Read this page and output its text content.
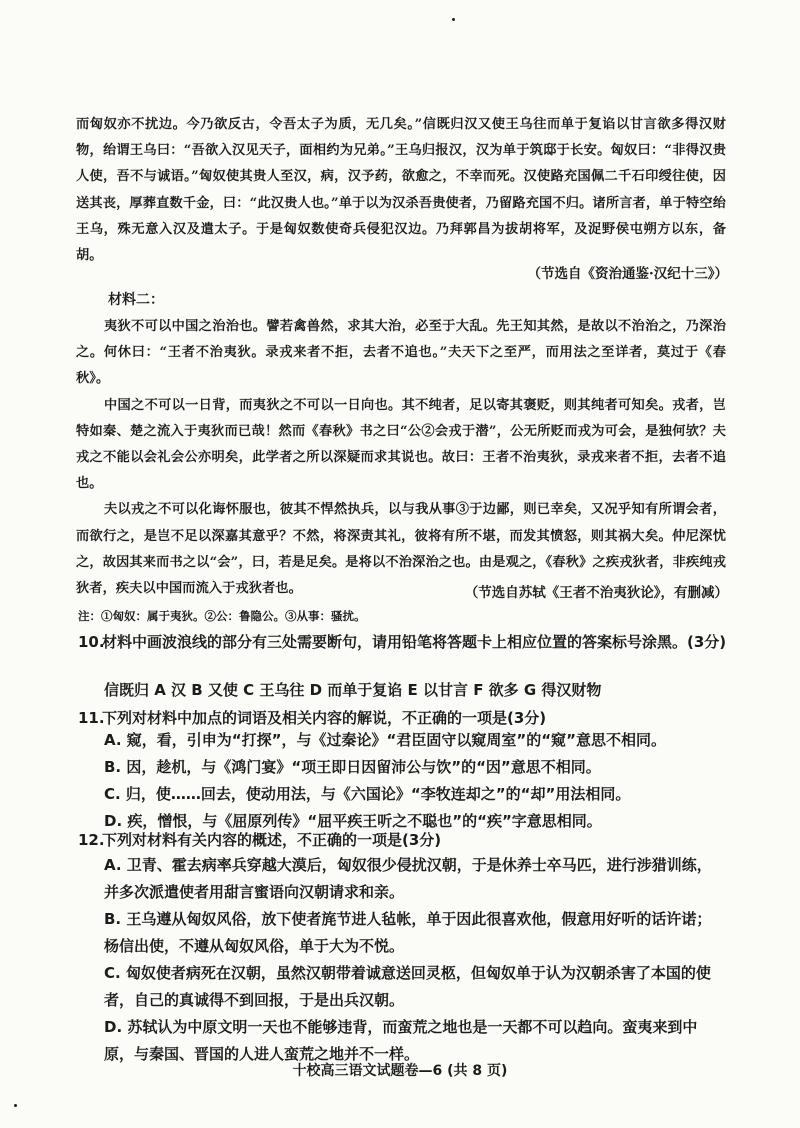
而匈奴亦不扰边。今乃欲反古，令吾太子为质，无几矣。”信既归汉又使王乌往而单于复谄以甘言欲多得汉财物，绐谓王乌曰：“吾欲入汉见天子，面相约为兄弟。”王乌归报汉，汉为单于筑邸于长安。匈奴曰：“非得汉贵人使，吾不与诚语。”匈奴使其贵人至汉，病，汉予药，欲愈之，不幸而死。汉使路充国佩二千石印绶往使，因送其丧，厚葬直数千金，曰：“此汉贵人也。”单于以为汉杀吾贵使者，乃留路充国不归。诸所言者，单于特空绐王乌，殊无意入汉及遣太子。于是匈奴数使奇兵侵犯汉边。乃拜郭昌为拔胡将军，及浞野侯屯朔方以东，备胡。

（节选自《资治通鉴·汉纪十三》）
材料二：

夷狄不可以中国之治治也。譬若禽兽然，求其大治，必至于大乱。先王知其然，是故以不治治之，乃深治之。何休曰：“王者不治夷狄。录戎来者不拒，去者不追也。”夫天下之至严，而用法之至详者，莫过于《春秋》。

中国之不可以一日背，而夷狄之不可以一日向也。其不纯者，足以寄其褒贬，则其纯者可知矣。戎者，岂特如秦、楚之流入于夷狄而已哉！然而《春秋》书之曰“公②会戎于潜”，公无所贬而戎为可会，是独何欤？夫戎之不能以会礼会公亦明矣，此学者之所以深疑而求其说也。故曰：王者不治夷狄，录戎来者不拒，去者不追也。

夫以戎之不可以化诲怀服也，彼其不悍然执兵，以与我从事③于边鄙，则已幸矣，又况乎知有所谓会者，而欲行之，是岂不足以深嘉其意乎？不然，将深责其礼，彼将有所不堪，而发其愤怒，则其祸大矣。仲尼深忧之，故因其来而书之以“会”，曰，若是足矣。是将以不治深治之也。由是观之，《春秋》之疾戎狄者，非疾纯戎狄者，疾夫以中国而流入于戎狄者也。	（节选自苏轼《王者不治夷狄论》，有删减）
注：①匈奴：属于夷狄。②公：鲁隐公。③从事：骚扰。
10.材料中画波浪线的部分有三处需要断句，请用铅笔将答题卡上相应位置的答案标号涂黑。(3分)
信既归 A 汉 B 又使 C 王乌往 D 而单于复谄 E 以甘言 F 欲多 G 得汉财物
11.下列对材料中加点的词语及相关内容的解说，不正确的一项是(3分)

A. 窥，看，引申为“打探”，与《过秦论》“君臣固守以窥周室”的“窥”意思不相同。

B. 因，趁机，与《鸿门宴》“项王即日因留沛公与饮”的“因”意思不相同。

C. 归，使……回去，使动用法，与《六国论》“李牧连却之”的“却”用法相同。

D. 疾，憎恨，与《屈原列传》“屈平疾王听之不聪也”的“疾”字意思相同。

12.下列对材料有关内容的概述，不正确的一项是(3分)

A. 卫青、霍去病率兵穿越大漠后，匈奴很少侵扰汉朝，于是休养士卒马匹，进行涉猎训练，并多次派遣使者用甜言蜜语向汉朝请求和亲。

B. 王乌遵从匈奴风俗，放下使者旄节进人毡帐，单于因此很喜欢他，假意用好听的话许诺；杨信出使，不遵从匈奴风俗，单于大为不悦。

C. 匈奴使者病死在汉朝，虽然汉朝带着诚意送回灵柩，但匈奴单于认为汉朝杀害了本国的使者，自己的真诚得不到回报，于是出兵汉朝。

D. 苏轼认为中原文明一天也不能够违背，而蛮荒之地也是一天都不可以趋向。蛮夷来到中原，与秦国、晋国的人进人蛮荒之地并不一样。

十校高三语文试题卷—6 (共 8 页)
